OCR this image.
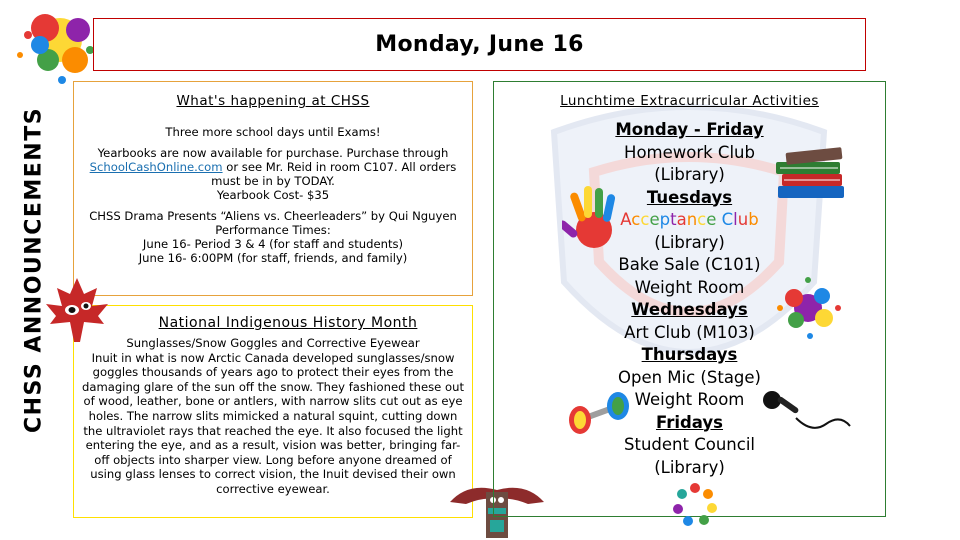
Monday, June 16
CHSS ANNOUNCEMENTS
What's happening at CHSS

Three more school days until Exams!

Yearbooks are now available for purchase. Purchase through SchoolCashOnline.com or see Mr. Reid in room C107. All orders must be in by TODAY.
Yearbook Cost- $35

CHSS Drama Presents “Aliens vs. Cheerleaders” by Qui Nguyen
Performance Times:
June 16- Period 3 & 4 (for staff and students)
June 16- 6:00PM (for staff, friends, and family)

National Indigenous History Month
Sunglasses/Snow Goggles and Corrective Eyewear
Inuit in what is now Arctic Canada developed sunglasses/snow goggles thousands of years ago to protect their eyes from the damaging glare of the sun off the snow. They fashioned these out of wood, leather, bone or antlers, with narrow slits cut out as eye holes. The narrow slits mimicked a natural squint, cutting down the ultraviolet rays that reached the eye. It also focused the light entering the eye, and as a result, vision was better, bringing far-off objects into sharper view. Long before anyone dreamed of using glass lenses to correct vision, the Inuit devised their own corrective eyewear.
Lunchtime Extracurricular Activities
Monday - Friday
Homework Club
(Library)
Tuesdays
Acceptance Club
(Library)
Bake Sale (C101)
Weight Room
Wednesdays
Art Club (M103)
Thursdays
Open Mic (Stage)
Weight Room
Fridays
Student Council
(Library)
